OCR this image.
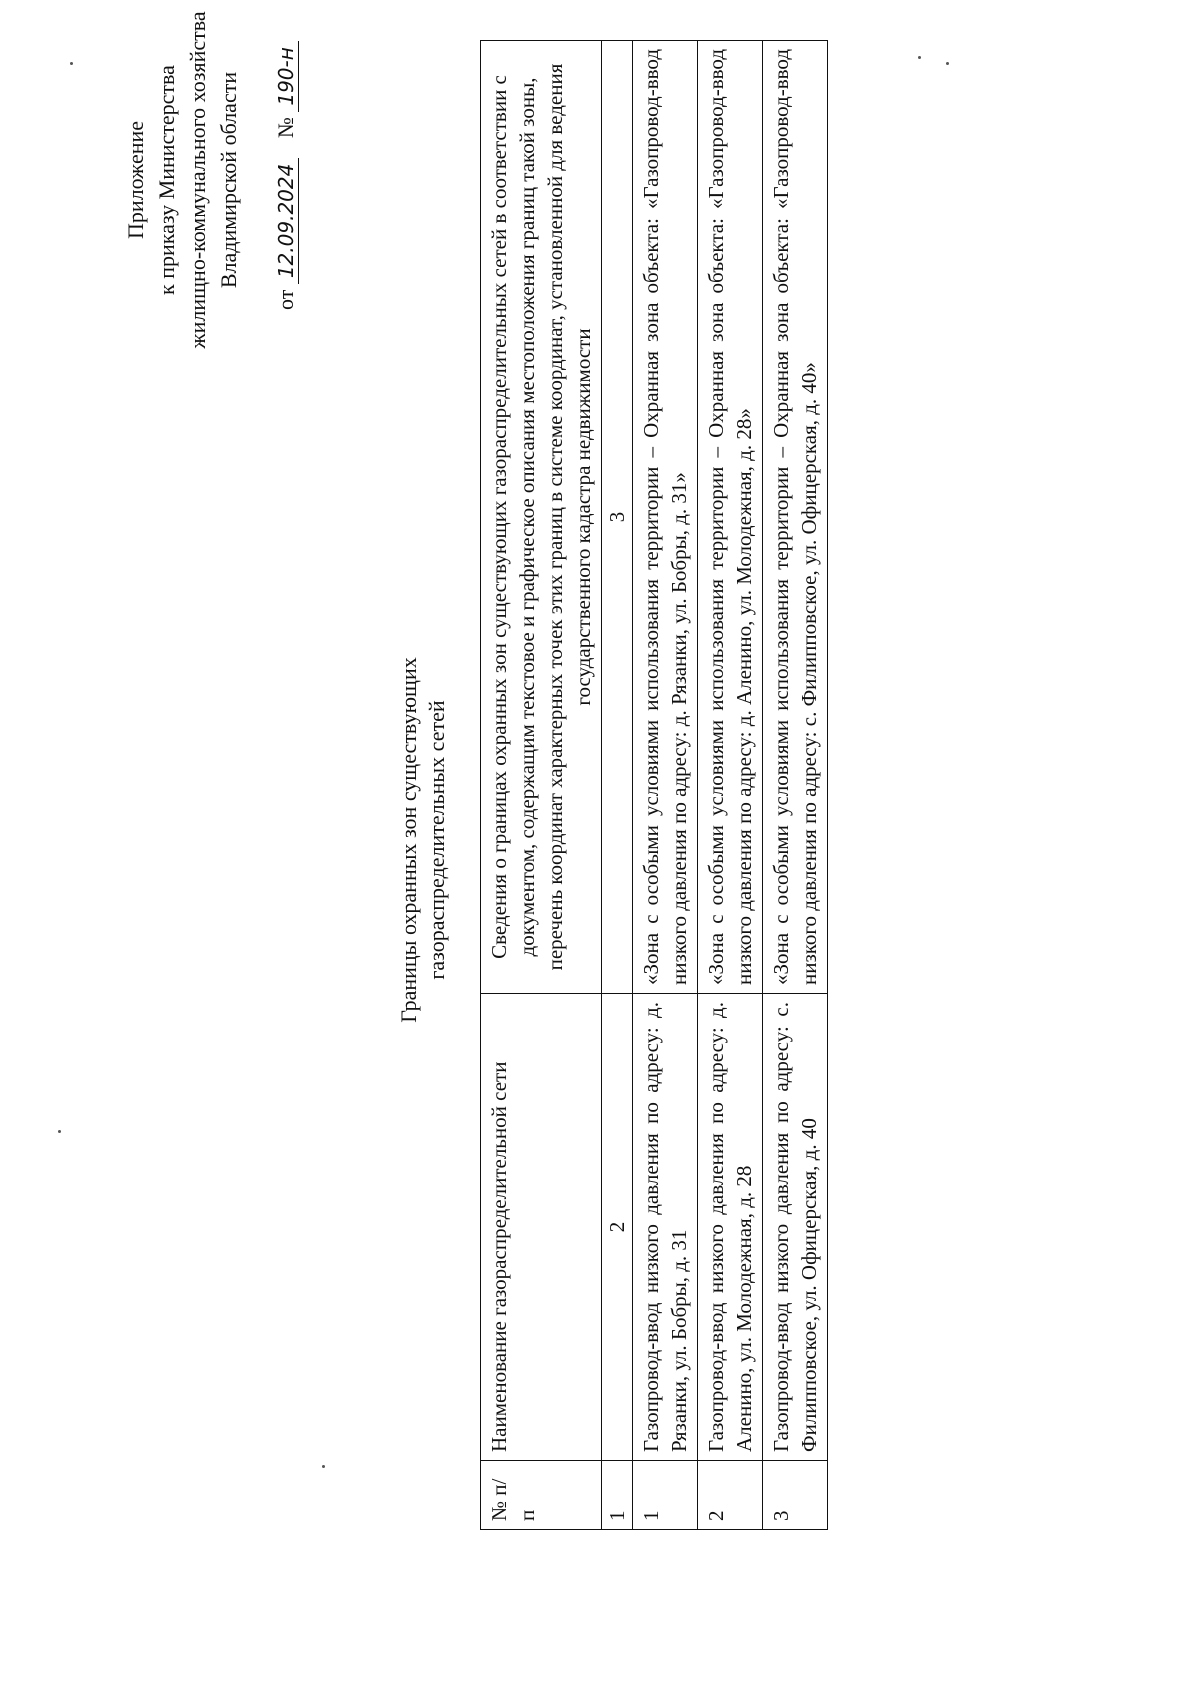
Приложение к приказу Министерства жилищно-коммунального хозяйства Владимирской области
от 12.09.2024 № 190-н
Границы охранных зон существующих газораспределительных сетей
№ п/п	Наименование газораспределительной сети	Сведения о границах охранных зон существующих газораспределительных сетей в соответствии с документом, содержащим текстовое и графическое описания местоположения границ такой зоны, перечень координат характерных точек этих границ в системе координат, установленной для ведения государственного кадастра недвижимости
1	2	3
1	Газопровод-ввод низкого давления по адресу: д. Рязанки, ул. Бобры, д. 31	«Зона с особыми условиями использования территории – Охранная зона объекта: «Газопровод-ввод низкого давления по адресу: д. Рязанки, ул. Бобры, д. 31»
2	Газопровод-ввод низкого давления по адресу: д. Аленино, ул. Молодежная, д. 28	«Зона с особыми условиями использования территории – Охранная зона объекта: «Газопровод-ввод низкого давления по адресу: д. Аленино, ул. Молодежная, д. 28»
3	Газопровод-ввод низкого давления по адресу: с. Филипповское, ул. Офицерская, д. 40	«Зона с особыми условиями использования территории – Охранная зона объекта: «Газопровод-ввод низкого давления по адресу: с. Филипповское, ул. Офицерская, д. 40»
